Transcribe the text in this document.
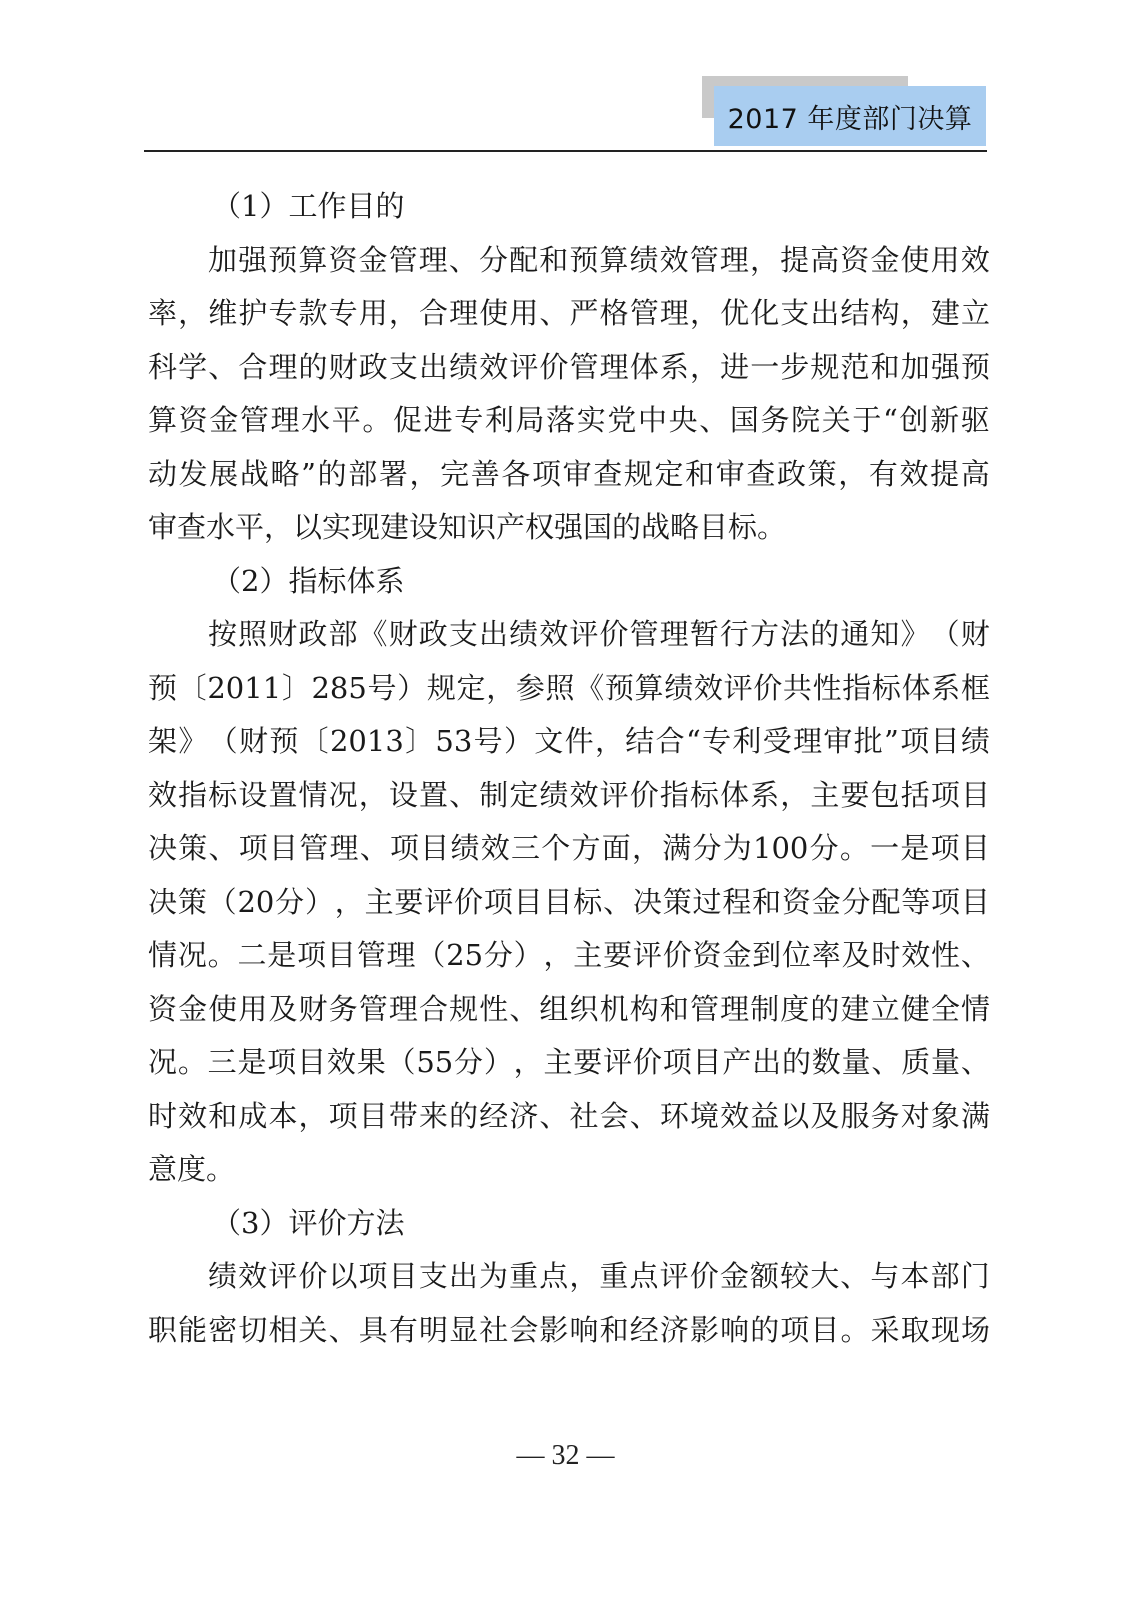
2017 年度部门决算
（1）工作目的
加 强 预 算 资 金 管 理 、 分 配 和 预 算 绩 效 管 理 ， 提 高 资 金 使 用 效
率 ， 维 护 专 款 专 用 ， 合 理 使 用 、 严 格 管 理 ， 优 化 支 出 结 构 ， 建 立
科 学 、 合 理 的 财 政 支 出 绩 效 评 价 管 理 体 系 ， 进 一 步 规 范 和 加 强 预
算 资 金 管 理 水 平 。 促 进 专 利 局 落 实 党 中 央 、 国 务 院 关 于 “ 创 新 驱
动 发 展 战 略 ” 的 部 署 ， 完 善 各 项 审 查 规 定 和 审 查 政 策 ， 有 效 提 高
审查水平，以实现建设知识产权强国的战略目标。
（2）指标体系
按 照 财 政 部 《 财 政 支 出 绩 效 评 价 管 理 暂 行 方 法 的 通 知 》 （ 财
预 〔 2011 〕 285 号 ） 规 定 ， 参 照 《 预 算 绩 效 评 价 共 性 指 标 体 系 框
架 》 （ 财 预 〔 2013 〕 53 号 ） 文 件 ， 结 合 “ 专 利 受 理 审 批 ” 项 目 绩
效 指 标 设 置 情 况 ， 设 置 、 制 定 绩 效 评 价 指 标 体 系 ， 主 要 包 括 项 目
决 策 、 项 目 管 理 、 项 目 绩 效 三 个 方 面 ， 满 分 为 100 分 。 一 是 项 目
决 策 （ 20 分 ） ， 主 要 评 价 项 目 目 标 、 决 策 过 程 和 资 金 分 配 等 项 目
情 况 。 二 是 项 目 管 理 （ 25 分 ） ， 主 要 评 价 资 金 到 位 率 及 时 效 性 、
资 金 使 用 及 财 务 管 理 合 规 性 、 组 织 机 构 和 管 理 制 度 的 建 立 健 全 情
况 。 三 是 项 目 效 果 （ 55 分 ） ， 主 要 评 价 项 目 产 出 的 数 量 、 质 量 、
时 效 和 成 本 ， 项 目 带 来 的 经 济 、 社 会 、 环 境 效 益 以 及 服 务 对 象 满
意度。
（3）评价方法
绩 效 评 价 以 项 目 支 出 为 重 点 ， 重 点 评 价 金 额 较 大 、 与 本 部 门
职 能 密 切 相 关 、 具 有 明 显 社 会 影 响 和 经 济 影 响 的 项 目 。 采 取 现 场
— 32 —
